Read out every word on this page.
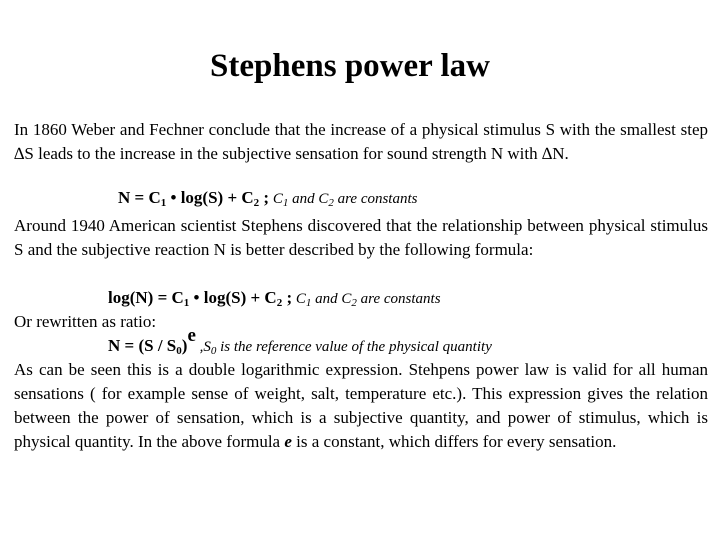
Stephens power law
In 1860 Weber and Fechner conclude that the increase of a physical stimulus S with the smallest step ∆S leads to the increase in the subjective sensation for sound strength N with ∆N.
$N = C_1$ • $\log(S) + C_2$ ; $C_1$ and $C_2$ are constants
Around 1940 American scientist Stephens discovered that the relationship between physical stimulus S and the subjective reaction N is better described by the following formula:
$\log(N) = C_1$ • $\log(S) + C_2$ ; $C_1$ and $C_2$ are constants
Or rewritten as ratio:
$N = (S / S_0)e$ $,S_0$ is the reference value of the physical quantity
As can be seen this is a double logarithmic expression. Stehpens power law is valid for all human sensations ( for example sense of weight, salt, temperature etc.). This expression gives the relation between the power of sensation, which is a subjective quantity, and power of stimulus, which is physical quantity. In the above formula e is a constant, which differs for every sensation.
